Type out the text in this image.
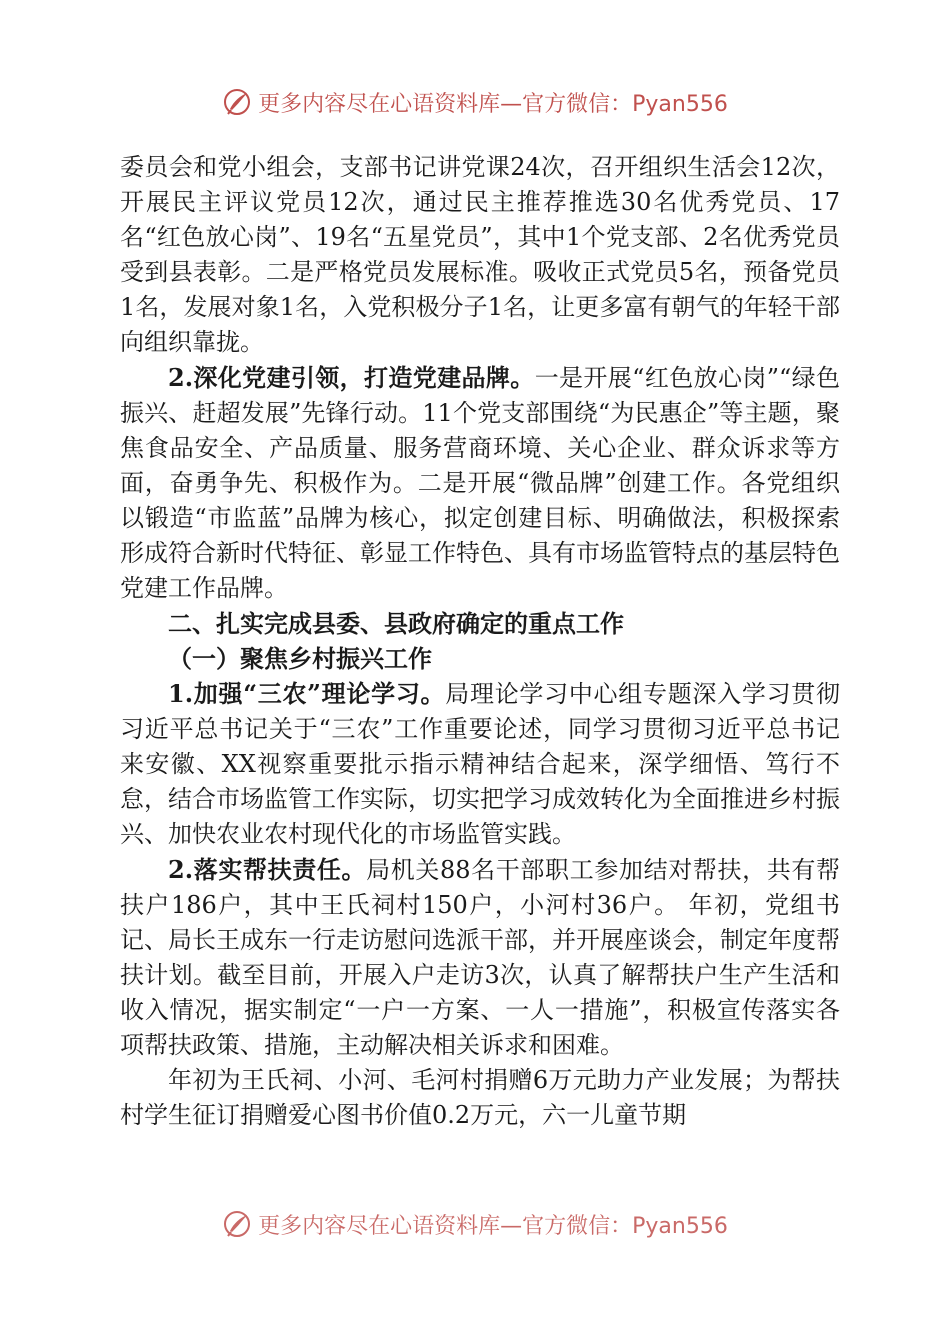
更多内容尽在心语资料库—官方微信：Pyan556

委员会和党小组会，支部书记讲党课24次，召开组织生活会12次，开展民主评议党员12次，通过民主推荐推选30名优秀党员、17名“红色放心岗”、19名“五星党员”，其中1个党支部、2名优秀党员受到县表彰。二是严格党员发展标准。吸收正式党员5名，预备党员1名，发展对象1名，入党积极分子1名，让更多富有朝气的年轻干部向组织靠拢。

2.深化党建引领，打造党建品牌。一是开展“红色放心岗”“绿色振兴、赶超发展”先锋行动。11个党支部围绕“为民惠企”等主题，聚焦食品安全、产品质量、服务营商环境、关心企业、群众诉求等方面，奋勇争先、积极作为。二是开展“微品牌”创建工作。各党组织以锻造“市监蓝”品牌为核心，拟定创建目标、明确做法，积极探索形成符合新时代特征、彰显工作特色、具有市场监管特点的基层特色党建工作品牌。

二、扎实完成县委、县政府确定的重点工作

（一）聚焦乡村振兴工作

1.加强“三农”理论学习。局理论学习中心组专题深入学习贯彻习近平总书记关于“三农”工作重要论述，同学习贯彻习近平总书记来安徽、XX视察重要批示指示精神结合起来，深学细悟、笃行不怠，结合市场监管工作实际，切实把学习成效转化为全面推进乡村振兴、加快农业农村现代化的市场监管实践。

2.落实帮扶责任。局机关88名干部职工参加结对帮扶，共有帮扶户186户，其中王氏祠村150户，小河村36户。 年初，党组书记、局长王成东一行走访慰问选派干部，并开展座谈会，制定年度帮扶计划。截至目前，开展入户走访3次，认真了解帮扶户生产生活和收入情况，据实制定“一户一方案、一人一措施”，积极宣传落实各项帮扶政策、措施，主动解决相关诉求和困难。

年初为王氏祠、小河、毛河村捐赠6万元助力产业发展；为帮扶村学生征订捐赠爱心图书价值0.2万元，六一儿童节期

更多内容尽在心语资料库—官方微信：Pyan556
